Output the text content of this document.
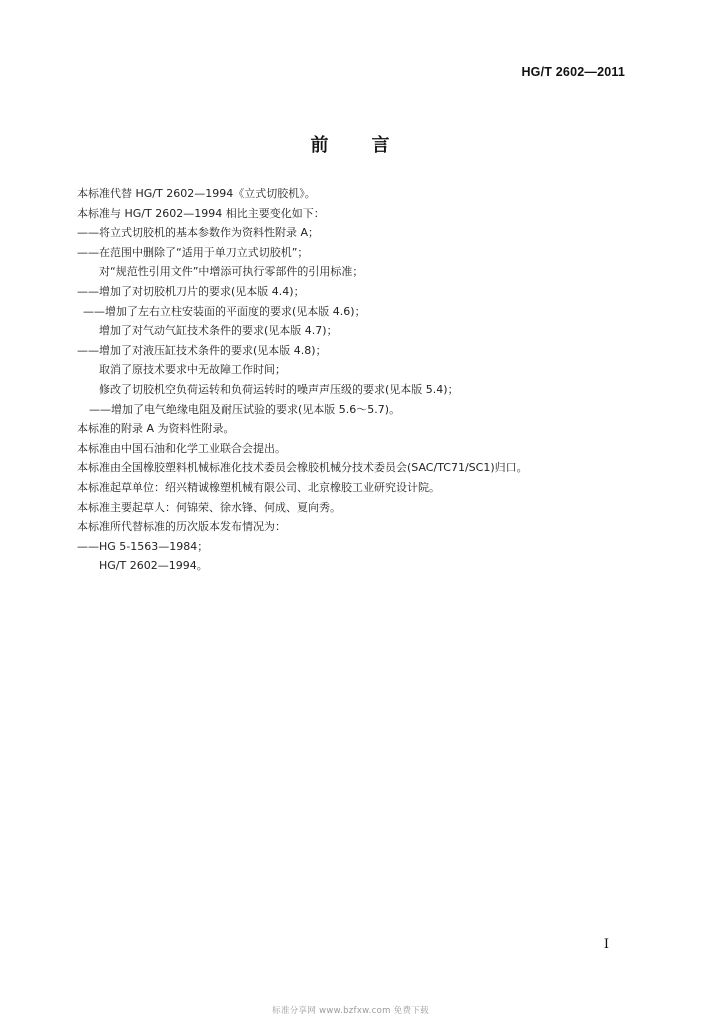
HG/T 2602—2011
前 言
本标准代替 HG/T 2602—1994《立式切胶机》。
本标准与 HG/T 2602—1994 相比主要变化如下：
——将立式切胶机的基本参数作为资料性附录 A；
——在范围中删除了“适用于单刀立式切胶机”；
对“规范性引用文件”中增添可执行零部件的引用标准；
——增加了对切胶机刀片的要求(见本版 4.4)；
——增加了左右立柱安装面的平面度的要求(见本版 4.6)；
增加了对气动气缸技术条件的要求(见本版 4.7)；
——增加了对液压缸技术条件的要求(见本版 4.8)；
取消了原技术要求中无故障工作时间；
修改了切胶机空负荷运转和负荷运转时的噪声声压级的要求(见本版 5.4)；
——增加了电气绝缘电阻及耐压试验的要求(见本版 5.6～5.7)。
本标准的附录 A 为资料性附录。
本标准由中国石油和化学工业联合会提出。
本标准由全国橡胶塑料机械标准化技术委员会橡胶机械分技术委员会(SAC/TC71/SC1)归口。
本标准起草单位：绍兴精诚橡塑机械有限公司、北京橡胶工业研究设计院。
本标准主要起草人：何锦荣、徐水锋、何成、夏向秀。
本标准所代替标准的历次版本发布情况为：
——HG 5-1563—1984；
HG/T 2602—1994。
I
标准分享网 www.bzfxw.com 免费下载
